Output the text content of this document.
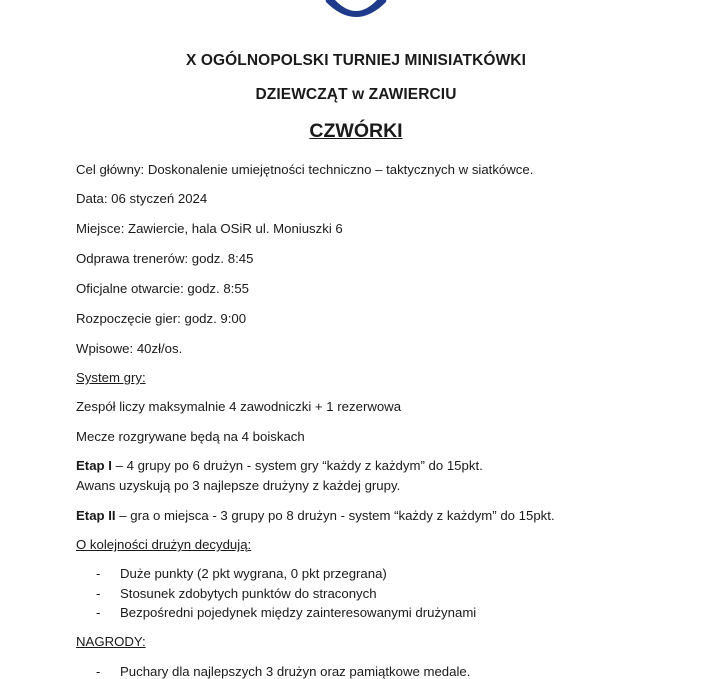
X OGÓLNOPOLSKI TURNIEJ MINISIATKÓWKI
DZIEWCZĄT w ZAWIERCIU
CZWÓRKI
Cel główny: Doskonalenie umiejętności techniczno – taktycznych w siatkówce.
Data: 06 styczeń 2024
Miejsce: Zawiercie, hala OSiR ul. Moniuszki 6
Odprawa trenerów: godz. 8:45
Oficjalne otwarcie: godz. 8:55
Rozpoczęcie gier: godz. 9:00
Wpisowe: 40zł/os.
System gry:
Zespół liczy maksymalnie 4 zawodniczki + 1 rezerwowa
Mecze rozgrywane będą na 4 boiskach
Etap I – 4 grupy po 6 drużyn - system gry “każdy z każdym” do 15pkt.
Awans uzyskują po 3 najlepsze drużyny z każdej grupy.
Etap II – gra o miejsca - 3 grupy po 8 drużyn - system “każdy z każdym” do 15pkt.
O kolejności drużyn decydują:
- Duże punkty (2 pkt wygrana, 0 pkt przegrana)
- Stosunek zdobytych punktów do straconych
- Bezpośredni pojedynek między zainteresowanymi drużynami
NAGRODY:
- Puchary dla najlepszych 3 drużyn oraz pamiątkowe medale.
